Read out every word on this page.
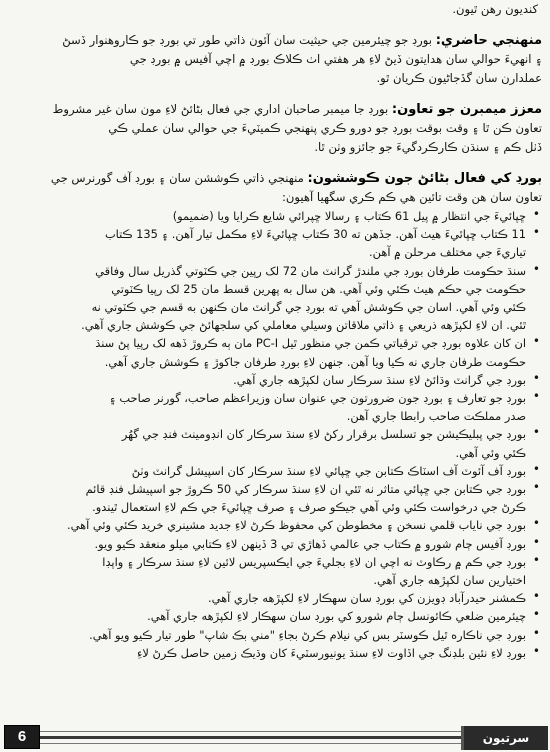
كنديون رهن ٿيون.
منهنجي حاضري: بورڊ جو چيئرمين جي حيثيت سان آئون ذاتي طور تي بورڊ جو ڪاروهنوار ڏسڻ
۽ انهيءَ حوالي سان هدايتون ڏيڻ لاءِ هر هفتي اٺ ڪلاڪ بورڊ ۾ اچي آفيس ۾ بورڊ جي
عملدارن سان گڏجاڻيون ڪريان ٿو.
معزز ميمبرن جو تعاون: بورڊ جا ميمبر صاحبان اداري جي فعال بڻائڻ لاءِ مون سان غير مشروط
تعاون ڪن ٿا ۽ وقت بوقت بورڊ جو دورو ڪري پنهنجي ڪميٽيءَ جي حوالي سان عملي ڪي
ڏٺل ڪم ۽ سنڌن ڪارڪردگيءَ جو جائزو وٺن ٿا.
بورڊ کي فعال بڻائڻ جون ڪوششون: منهنجي ذاتي ڪوششن سان ۽ بورڊ آف گورنرس جي
تعاون سان هن وقت تائين هي ڪم ڪري سگهيا آهيون:
•
ڇپائيءَ جي انتظار ۾ پيل 61 ڪتاب ۽ رسالا ڇپرائي شايع ڪرايا ويا (ضميمو)
•
11 ڪتاب ڇپائيءَ هيٺ آهن. جڏهن ته 30 ڪتاب ڇپائيءَ لاءِ مڪمل تيار آهن. ۽ 135 ڪتاب
تياريءَ جي مختلف مرحلن ۾ آهن.
•
سنڌ حڪومت طرفان بورڊ جي ملندڙ گرانٽ مان 72 لک رپين جي ڪٽوتي گذريل سال وفاقي
حڪومت جي حڪم هيٺ ڪئي وئي آهي. هن سال به پهرين قسط مان 25 لک رپيا ڪٽوتي
ڪئي وئي آهي. اسان جي ڪوشش آهي ته بورڊ جي گرانٽ مان ڪنهن به قسم جي ڪٽوتي نه
ٿئي. ان لاءِ لکپڙهه ذريعي ۽ ذاتي ملاقاتن وسيلي معاملي کي سلجهائڻ جي ڪوشش جاري آهي.
•
ان کان علاوه بورڊ جي ترقياتي ڪمن جي منظور ٿيل PC-I مان ٻه ڪروڙ ڏهه لک رپيا پڻ سنڌ
حڪومت طرفان جاري نه ڪيا ويا آهن. جنهن لاءِ بورڊ طرفان جاکوڙ ۽ ڪوشش جاري آهي.
•
بورڊ جي گرانٽ وڌائڻ لاءِ سنڌ سرڪار سان لکپڙهه جاري آهي.
•
بورڊ جو تعارف ۽ بورڊ جون ضرورتون جي عنوان سان وزيراعظم صاحب، گورنر صاحب ۽
صدر مملڪت صاحب رابطا جاري آهن.
•
بورڊ جي پبليڪيشن جو تسلسل برقرار رکڻ لاءِ سنڌ سرڪار کان انڊومينٽ فنڊ جي گهُر
ڪئي وئي آهي.
•
بورڊ آف آئوٽ آف اسٽاڪ ڪتابن جي ڇپائي لاءِ سنڌ سرڪار کان اسپيشل گرانٽ وٺڻ
•
بورڊ جي ڪتابن جي ڇپائي متاثر نه ٿئي ان لاءِ سنڌ سرڪار کي 50 ڪروڙ جو اسپيشل فنڊ قائم
ڪرڻ جي درخواست ڪئي وئي آهي جيڪو صرف ۽ صرف ڇپائيءَ جي ڪم لاءِ استعمال ٿيندو.
•
بورڊ جي ناياب قلمي نسخن ۽ مخطوطن کي محفوظ ڪرڻ لاءِ جديد مشينري خريد ڪئي وئي آهي.
•
بورڊ آفيس ڄام شورو ۾ ڪتاب جي عالمي ڏهاڙي تي 3 ڏينهن لاءِ ڪتابي ميلو منعقد ڪيو ويو.
•
بورڊ جي ڪم ۾ رڪاوٽ نه اچي ان لاءِ بجليءَ جي ايڪسپريس لائين لاءِ سنڌ سرڪار ۽ واپڊا
اختيارين سان لکپڙهه جاري آهي.
•
ڪمشنر حيدرآباد ڊويزن کي بورڊ سان سهڪار لاءِ لکپڙهه جاري آهي.
•
چيئرمين ضلعي ڪائونسل ڄام شورو کي بورڊ سان سهڪار لاءِ لکپڙهه جاري آهي.
•
بورڊ جي ناڪاره ٿيل ڪوسٽر بس کي نيلام ڪرڻ بجاءِ "مني بڪ شاپ" طور تيار ڪيو ويو آهي.
•
بورڊ لاءِ نئين بلڊنگ جي اڏاوت لاءِ سنڌ يونيورسٽيءَ کان وڌيڪ زمين حاصل ڪرڻ لاءِ
6	سرتيون
